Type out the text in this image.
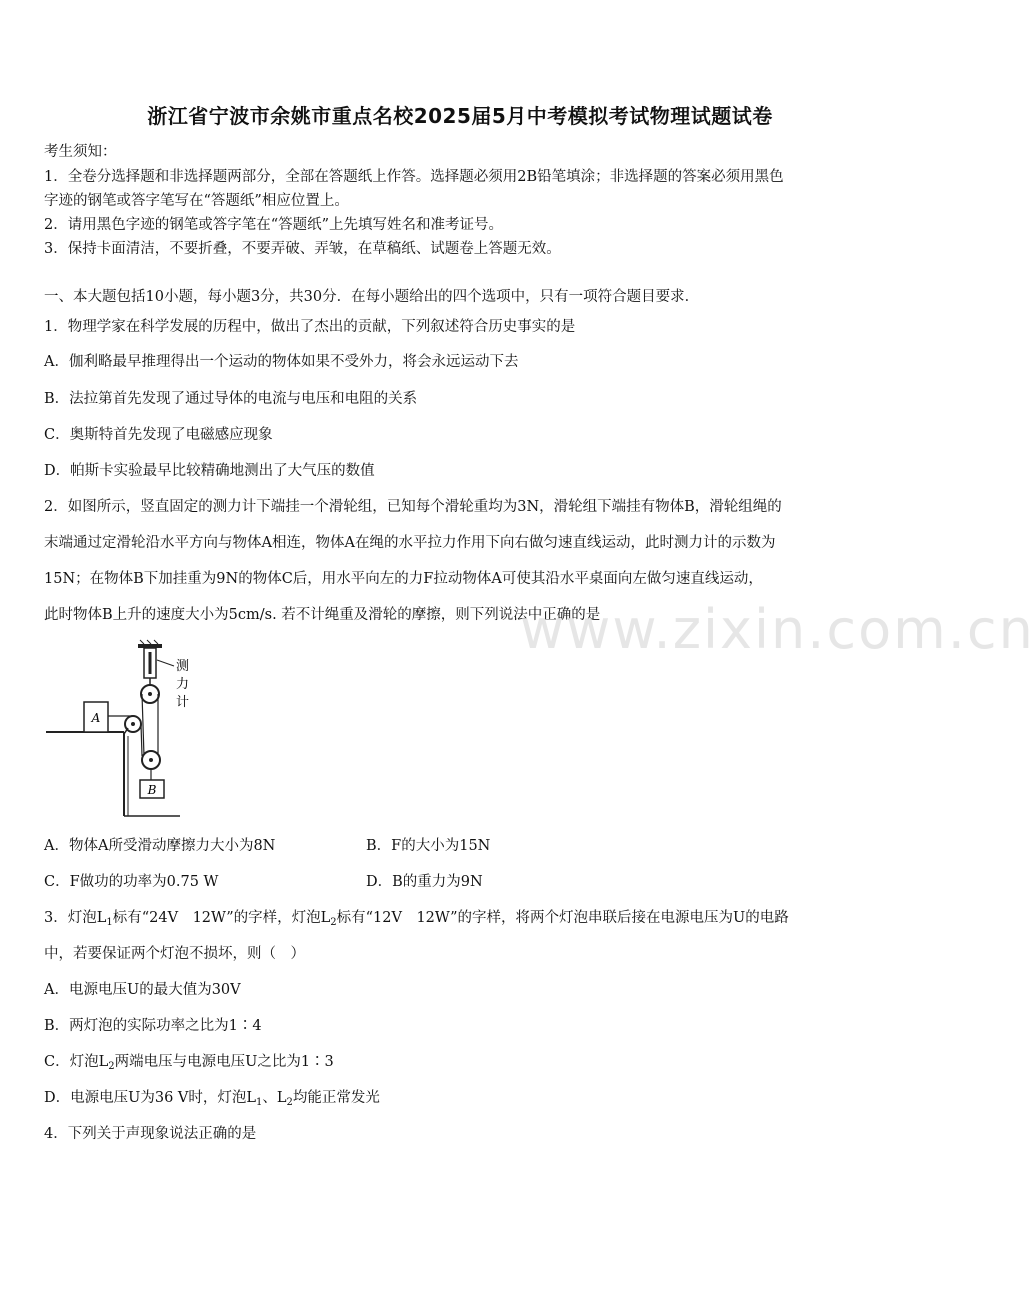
浙江省宁波市余姚市重点名校2025届5月中考模拟考试物理试题试卷
考生须知：
1．全卷分选择题和非选择题两部分，全部在答题纸上作答。选择题必须用2B铅笔填涂；非选择题的答案必须用黑色
字迹的钢笔或答字笔写在“答题纸”相应位置上。
2．请用黑色字迹的钢笔或答字笔在“答题纸”上先填写姓名和准考证号。
3．保持卡面清洁，不要折叠，不要弄破、弄皱，在草稿纸、试题卷上答题无效。
一、本大题包括10小题，每小题3分，共30分．在每小题给出的四个选项中，只有一项符合题目要求．
1．物理学家在科学发展的历程中，做出了杰出的贡献，下列叙述符合历史事实的是
A．伽利略最早推理得出一个运动的物体如果不受外力，将会永远运动下去
B．法拉第首先发现了通过导体的电流与电压和电阻的关系
C．奥斯特首先发现了电磁感应现象
D．帕斯卡实验最早比较精确地测出了大气压的数值
2．如图所示，竖直固定的测力计下端挂一个滑轮组，已知每个滑轮重均为3N，滑轮组下端挂有物体B，滑轮组绳的
末端通过定滑轮沿水平方向与物体A相连，物体A在绳的水平拉力作用下向右做匀速直线运动，此时测力计的示数为
15N；在物体B下加挂重为9N的物体C后，用水平向左的力F拉动物体A可使其沿水平桌面向左做匀速直线运动，
此时物体B上升的速度大小为5cm/s. 若不计绳重及滑轮的摩擦，则下列说法中正确的是
www.zixin.com.cn
A
B
测
力
计
A．物体A所受滑动摩擦力大小为8N	B．F的大小为15N
C．F做功的功率为0.75 W	D．B的重力为9N
3．灯泡$L_1$标有“24V　12W”的字样，灯泡$L_2$标有“12V　12W”的字样，将两个灯泡串联后接在电源电压为U的电路
中，若要保证两个灯泡不损坏，则（　）
A．电源电压U的最大值为30V
B．两灯泡的实际功率之比为1∶4
C．灯泡$L_2$两端电压与电源电压U之比为1∶3
D．电源电压U为36 V时，灯泡$L_1$、$L_2$均能正常发光
4．下列关于声现象说法正确的是
